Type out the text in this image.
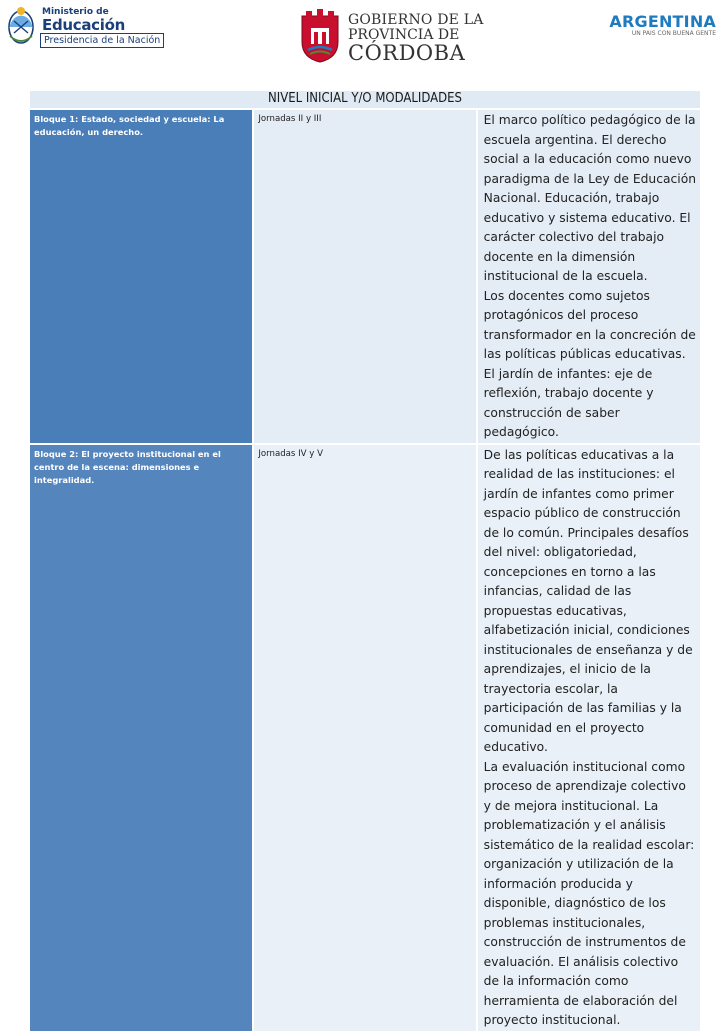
Ministerio de
Educación
Presidencia de la Nación
GOBIERNO DE LA
PROVINCIA DE
CÓRDOBA
ARGENTINA
UN PAIS CON BUENA GENTE
NIVEL INICIAL Y/O MODALIDADES		
Bloque 1: Estado, sociedad y escuela: La educación, un derecho.	Jornadas II y III	El marco político pedagógico de la escuela argentina. El derecho social a la educación como nuevo paradigma de la Ley de Educación Nacional. Educación, trabajo educativo y sistema educativo. El carácter colectivo del trabajo docente en la dimensión institucional de la escuela.
Los docentes como sujetos protagónicos del proceso transformador en la concreción de las políticas públicas educativas.
El jardín de infantes: eje de reflexión, trabajo docente y construcción de saber pedagógico.

Bloque 2: El proyecto institucional en el centro de la escena: dimensiones e integralidad.	Jornadas IV y V	De las políticas educativas a la realidad de las instituciones: el jardín de infantes como primer espacio público de construcción de lo común. Principales desafíos del nivel: obligatoriedad, concepciones en torno a las infancias, calidad de las propuestas educativas, alfabetización inicial, condiciones institucionales de enseñanza y de aprendizajes, el inicio de la trayectoria escolar, la participación de las familias y la comunidad en el proyecto educativo.
La evaluación institucional como proceso de aprendizaje colectivo y de mejora institucional. La problematización y el análisis sistemático de la realidad escolar: organización y utilización de la información producida y disponible, diagnóstico de los problemas institucionales, construcción de instrumentos de evaluación. El análisis colectivo de la información como herramienta de elaboración del proyecto institucional.
